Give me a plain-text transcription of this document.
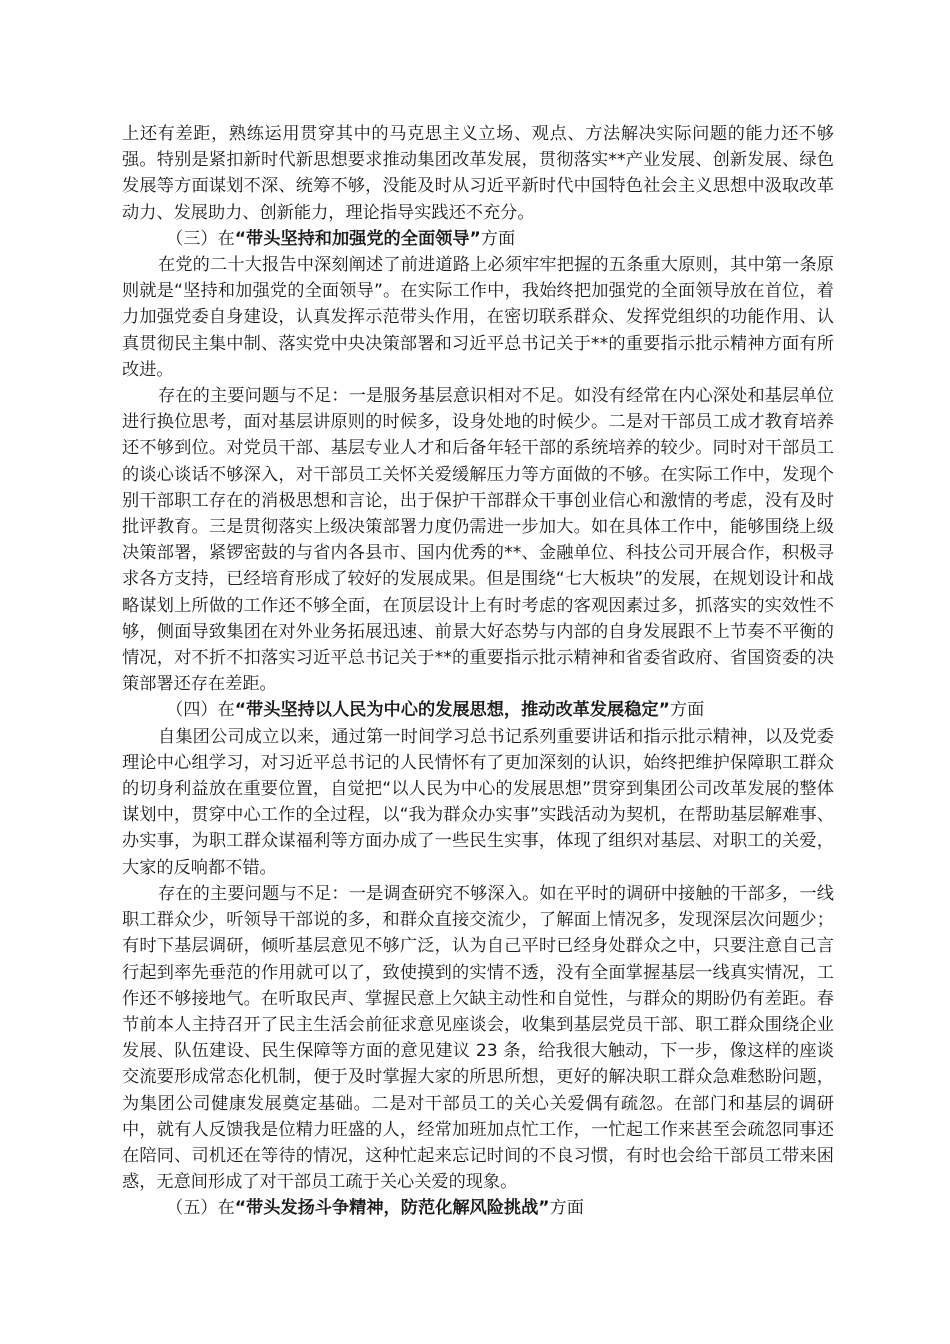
上还有差距，熟练运用贯穿其中的马克思主义立场、观点、方法解决实际问题的能力还不够强。特别是紧扣新时代新思想要求推动集团改革发展，贯彻落实**产业发展、创新发展、绿色发展等方面谋划不深、统筹不够，没能及时从习近平新时代中国特色社会主义思想中汲取改革动力、发展助力、创新能力，理论指导实践还不充分。

（三）在“带头坚持和加强党的全面领导”方面

在党的二十大报告中深刻阐述了前进道路上必须牢牢把握的五条重大原则，其中第一条原则就是“坚持和加强党的全面领导”。在实际工作中，我始终把加强党的全面领导放在首位，着力加强党委自身建设，认真发挥示范带头作用，在密切联系群众、发挥党组织的功能作用、认真贯彻民主集中制、落实党中央决策部署和习近平总书记关于**的重要指示批示精神方面有所改进。

存在的主要问题与不足：一是服务基层意识相对不足。如没有经常在内心深处和基层单位进行换位思考，面对基层讲原则的时候多，设身处地的时候少。二是对干部员工成才教育培养还不够到位。对党员干部、基层专业人才和后备年轻干部的系统培养的较少。同时对干部员工的谈心谈话不够深入，对干部员工关怀关爱缓解压力等方面做的不够。在实际工作中，发现个别干部职工存在的消极思想和言论，出于保护干部群众干事创业信心和激情的考虑，没有及时批评教育。三是贯彻落实上级决策部署力度仍需进一步加大。如在具体工作中，能够围绕上级决策部署，紧锣密鼓的与省内各县市、国内优秀的**、金融单位、科技公司开展合作，积极寻求各方支持，已经培育形成了较好的发展成果。但是围绕“七大板块”的发展，在规划设计和战略谋划上所做的工作还不够全面，在顶层设计上有时考虑的客观因素过多，抓落实的实效性不够，侧面导致集团在对外业务拓展迅速、前景大好态势与内部的自身发展跟不上节奏不平衡的情况，对不折不扣落实习近平总书记关于**的重要指示批示精神和省委省政府、省国资委的决策部署还存在差距。

（四）在“带头坚持以人民为中心的发展思想，推动改革发展稳定”方面

自集团公司成立以来，通过第一时间学习总书记系列重要讲话和指示批示精神，以及党委理论中心组学习，对习近平总书记的人民情怀有了更加深刻的认识，始终把维护保障职工群众的切身利益放在重要位置，自觉把“以人民为中心的发展思想”贯穿到集团公司改革发展的整体谋划中，贯穿中心工作的全过程，以“我为群众办实事”实践活动为契机，在帮助基层解难事、办实事，为职工群众谋福利等方面办成了一些民生实事，体现了组织对基层、对职工的关爱，大家的反响都不错。

存在的主要问题与不足：一是调查研究不够深入。如在平时的调研中接触的干部多，一线职工群众少，听领导干部说的多，和群众直接交流少，了解面上情况多，发现深层次问题少；有时下基层调研，倾听基层意见不够广泛，认为自己平时已经身处群众之中，只要注意自己言行起到率先垂范的作用就可以了，致使摸到的实情不透，没有全面掌握基层一线真实情况，工作还不够接地气。在听取民声、掌握民意上欠缺主动性和自觉性，与群众的期盼仍有差距。春节前本人主持召开了民主生活会前征求意见座谈会，收集到基层党员干部、职工群众围绕企业发展、队伍建设、民生保障等方面的意见建议 23 条，给我很大触动，下一步，像这样的座谈交流要形成常态化机制，便于及时掌握大家的所思所想，更好的解决职工群众急难愁盼问题，为集团公司健康发展奠定基础。二是对干部员工的关心关爱偶有疏忽。在部门和基层的调研中，就有人反馈我是位精力旺盛的人，经常加班加点忙工作，一忙起工作来甚至会疏忽同事还在陪同、司机还在等待的情况，这种忙起来忘记时间的不良习惯，有时也会给干部员工带来困惑，无意间形成了对干部员工疏于关心关爱的现象。

（五）在“带头发扬斗争精神，防范化解风险挑战”方面
